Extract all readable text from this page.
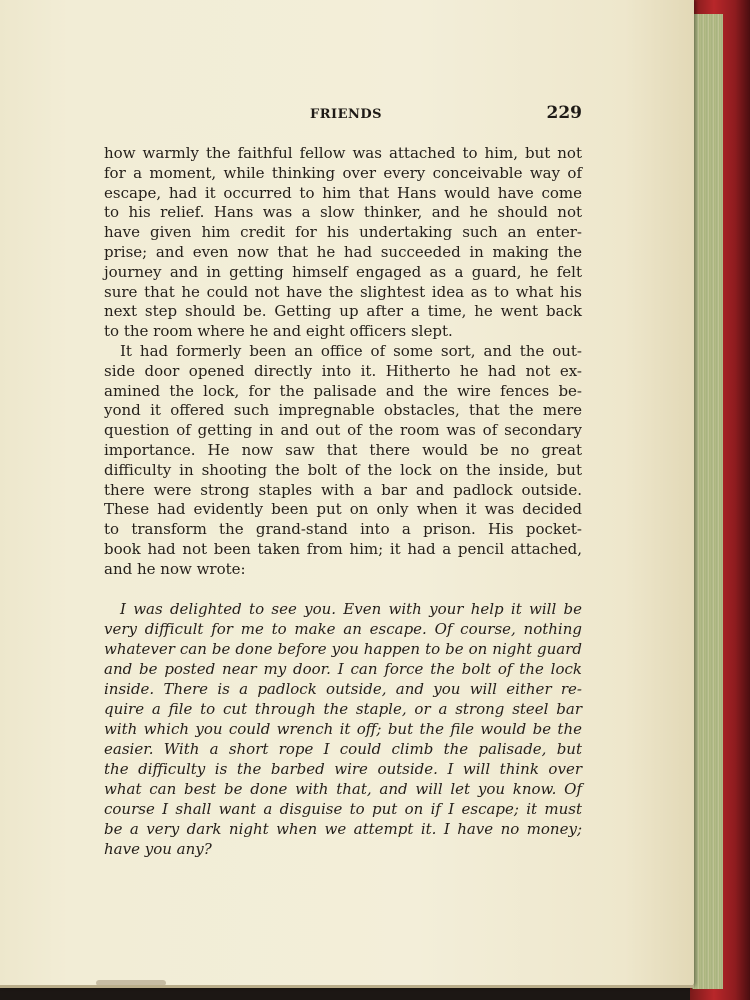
FRIENDS	229
how warmly the faithful fellow was attached to him, but not
for a moment, while thinking over every conceivable way of
escape, had it occurred to him that Hans would have come
to his relief. Hans was a slow thinker, and he should not
have given him credit for his undertaking such an enter-
prise; and even now that he had succeeded in making the
journey and in getting himself engaged as a guard, he felt
sure that he could not have the slightest idea as to what his
next step should be. Getting up after a time, he went back
to the room where he and eight officers slept.
It had formerly been an office of some sort, and the out-
side door opened directly into it. Hitherto he had not ex-
amined the lock, for the palisade and the wire fences be-
yond it offered such impregnable obstacles, that the mere
question of getting in and out of the room was of secondary
importance. He now saw that there would be no great
difficulty in shooting the bolt of the lock on the inside, but
there were strong staples with a bar and padlock outside.
These had evidently been put on only when it was decided
to transform the grand-stand into a prison. His pocket-
book had not been taken from him; it had a pencil attached,
and he now wrote:
I was delighted to see you. Even with your help it will be
very difficult for me to make an escape. Of course, nothing
whatever can be done before you happen to be on night guard
and be posted near my door. I can force the bolt of the lock
inside. There is a padlock outside, and you will either re-
quire a file to cut through the staple, or a strong steel bar
with which you could wrench it off; but the file would be the
easier. With a short rope I could climb the palisade, but
the difficulty is the barbed wire outside. I will think over
what can best be done with that, and will let you know. Of
course I shall want a disguise to put on if I escape; it must
be a very dark night when we attempt it. I have no money;
have you any?
